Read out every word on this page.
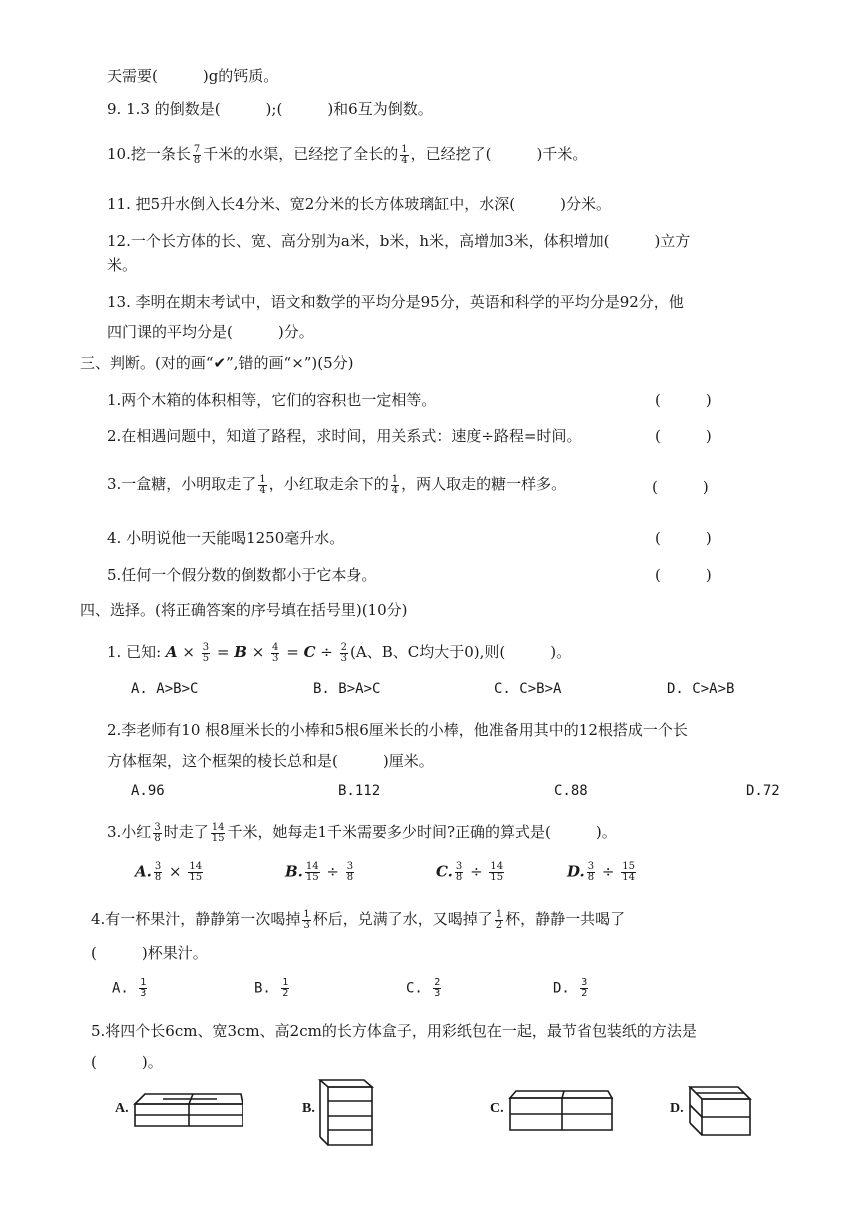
天需要(　　　)g的钙质。
9. 1.3 的倒数是(　　　);(　　　)和6互为倒数。
10.挖一条长 $\frac{7}{8}$ 千米的水渠，已经挖了全长的 $\frac{1}{4}$ ，已经挖了(　　　)千米。
11. 把5升水倒入长4分米、宽2分米的长方体玻璃缸中，水深(　　　)分米。
12.一个长方体的长、宽、高分别为a米，b米，h米，高增加3米，体积增加(　　　)立方
米。
13. 李明在期末考试中，语文和数学的平均分是95分，英语和科学的平均分是92分，他
四门课的平均分是(　　　)分。
三、判断。(对的画“✔”,错的画“×”)(5分)
1.两个木箱的体积相等，它们的容积也一定相等。	(　　　)
2.在相遇问题中，知道了路程，求时间，用关系式：速度÷路程=时间。	(　　　)
3.一盒糖，小明取走了 $\frac{1}{4}$ ，小红取走余下的 $\frac{1}{4}$ ，两人取走的糖一样多。	(　　　)
4. 小明说他一天能喝1250毫升水。	(　　　)
5.任何一个假分数的倒数都小于它本身。	(　　　)
四、选择。(将正确答案的序号填在括号里)(10分)
1. 已知: $A \times \frac{3}{5} = B \times \frac{4}{3} = C \div \frac{2}{3} (A$、B、C均大于0),则(　　　)。
A. A>B>C	B. B>A>C	C. C>B>A	D. C>A>B
2.李老师有10 根8厘米长的小棒和5根6厘米长的小棒，他准备用其中的12根搭成一个长
方体框架，这个框架的棱长总和是(　　　)厘米。
A.96	B.112	C.88	D.72
3.小红 $\frac{3}{8}$ 时走了 $\frac{14}{15}$ 千米，她每走1千米需要多少时间?正确的算式是(　　　)。
A. $\frac{3}{8} \times \frac{14}{15}$	B. $\frac{14}{15} \div \frac{3}{8}$	C. $\frac{3}{8} \div \frac{14}{15}$	D. $\frac{3}{8} \div \frac{15}{14}$
4.有一杯果汁，静静第一次喝掉 $\frac{1}{3}$ 杯后，兑满了水，又喝掉了 $\frac{1}{2}$ 杯，静静一共喝了
(　　　)杯果汁。
A. $\frac{1}{3}$	B. $\frac{1}{2}$	C. $\frac{2}{3}$	D. $\frac{3}{2}$
5.将四个长6cm、宽3cm、高2cm的长方体盒子，用彩纸包在一起，最节省包装纸的方法是
(　　　)。
A.	B.	C.	D.
